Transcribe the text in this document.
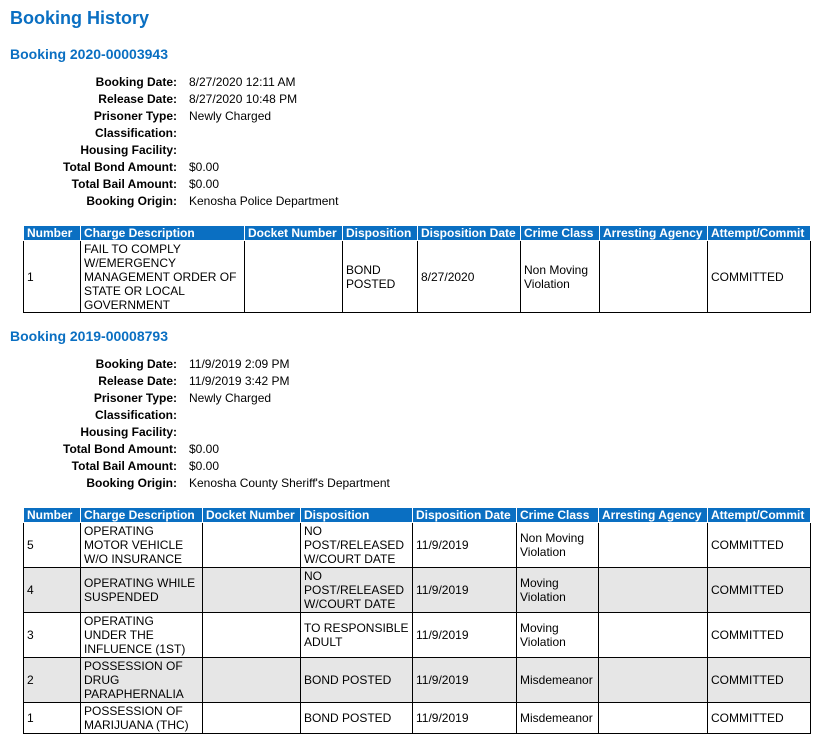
Booking History
Booking 2020-00003943
Booking Date: 8/27/2020 12:11 AM
Release Date: 8/27/2020 10:48 PM
Prisoner Type: Newly Charged
Classification:
Housing Facility:
Total Bond Amount: $0.00
Total Bail Amount: $0.00
Booking Origin: Kenosha Police Department
Number	Charge Description	Docket Number	Disposition	Disposition Date	Crime Class	Arresting Agency	Attempt/Commit
1	FAIL TO COMPLY W/EMERGENCY MANAGEMENT ORDER OF STATE OR LOCAL GOVERNMENT		BOND POSTED	8/27/2020	Non Moving Violation		COMMITTED
Booking 2019-00008793
Booking Date: 11/9/2019 2:09 PM
Release Date: 11/9/2019 3:42 PM
Prisoner Type: Newly Charged
Classification:
Housing Facility:
Total Bond Amount: $0.00
Total Bail Amount: $0.00
Booking Origin: Kenosha County Sheriff's Department
Number	Charge Description	Docket Number	Disposition	Disposition Date	Crime Class	Arresting Agency	Attempt/Commit
5	OPERATING MOTOR VEHICLE W/O INSURANCE		NO POST/RELEASED W/COURT DATE	11/9/2019	Non Moving Violation		COMMITTED
4	OPERATING WHILE SUSPENDED		NO POST/RELEASED W/COURT DATE	11/9/2019	Moving Violation		COMMITTED
3	OPERATING UNDER THE INFLUENCE (1ST)		TO RESPONSIBLE ADULT	11/9/2019	Moving Violation		COMMITTED
2	POSSESSION OF DRUG PARAPHERNALIA		BOND POSTED	11/9/2019	Misdemeanor		COMMITTED
1	POSSESSION OF MARIJUANA (THC)		BOND POSTED	11/9/2019	Misdemeanor		COMMITTED
